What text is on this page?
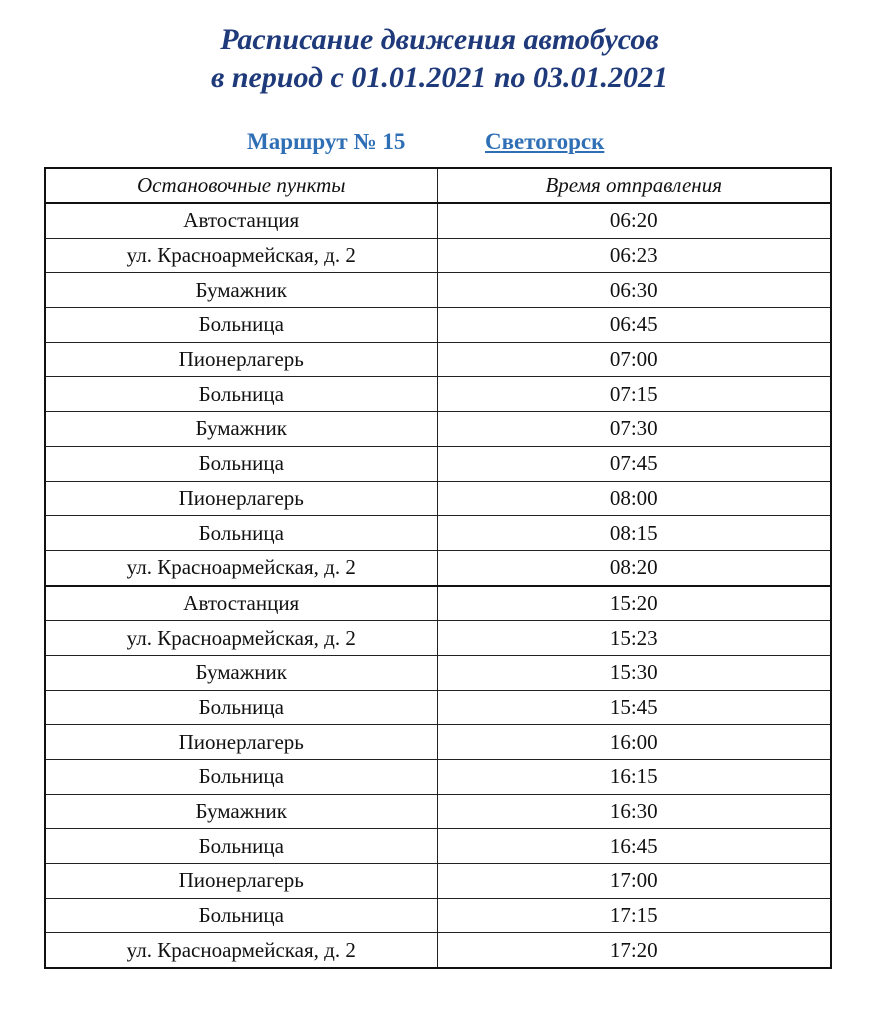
Расписание движения автобусов
в период с 01.01.2021 по 03.01.2021
Маршрут № 15	Светогорск
Остановочные пункты	Время отправления
Автостанция	06:20
ул. Красноармейская, д. 2	06:23
Бумажник	06:30
Больница	06:45
Пионерлагерь	07:00
Больница	07:15
Бумажник	07:30
Больница	07:45
Пионерлагерь	08:00
Больница	08:15
ул. Красноармейская, д. 2	08:20
Автостанция	15:20
ул. Красноармейская, д. 2	15:23
Бумажник	15:30
Больница	15:45
Пионерлагерь	16:00
Больница	16:15
Бумажник	16:30
Больница	16:45
Пионерлагерь	17:00
Больница	17:15
ул. Красноармейская, д. 2	17:20
